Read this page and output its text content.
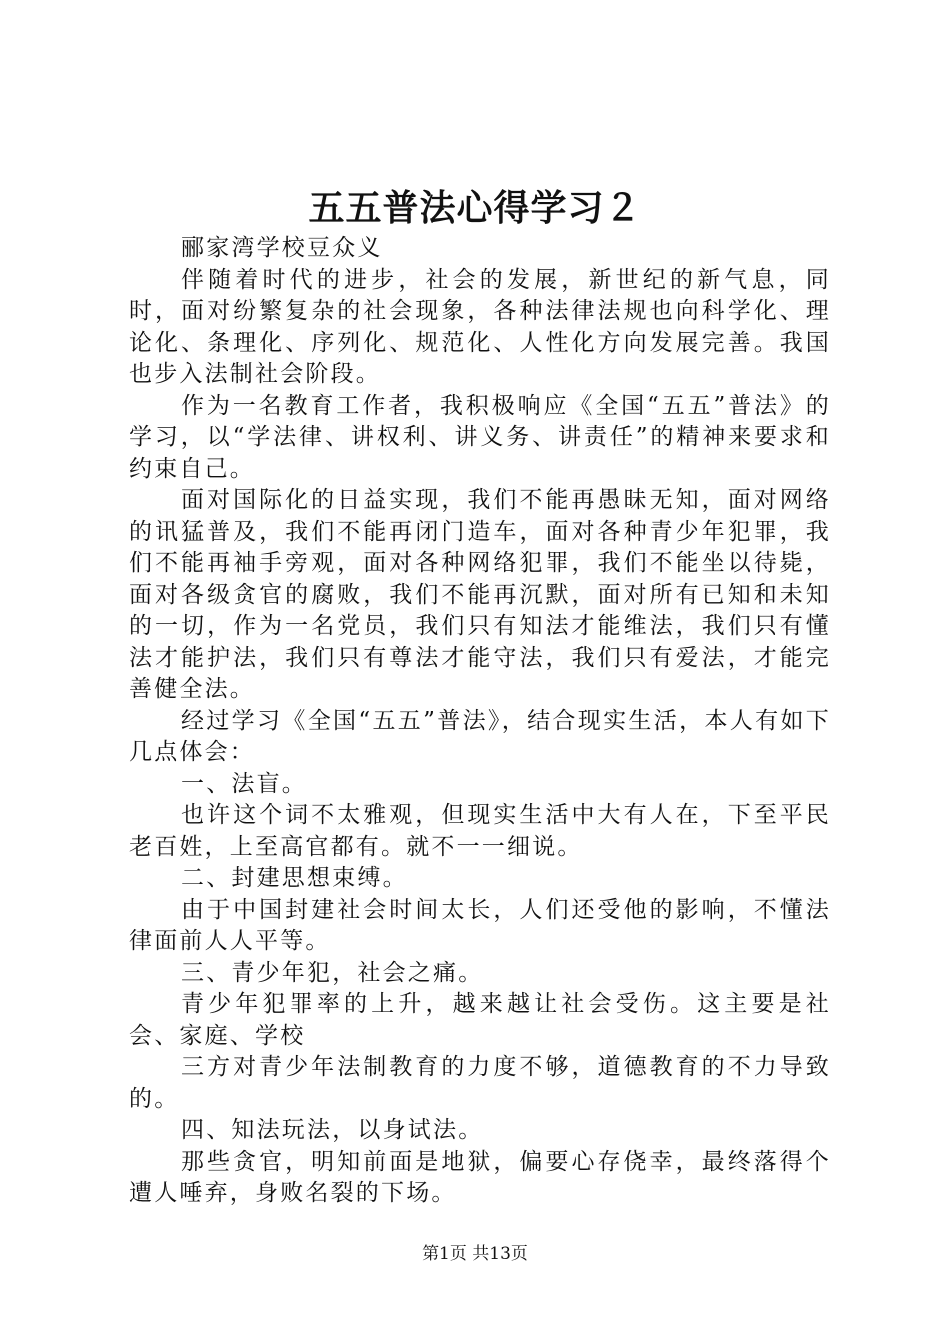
五五普法心得学习２

郦家湾学校豆众义

伴随着时代的进步，社会的发展，新世纪的新气息，同时，面对纷繁复杂的社会现象，各种法律法规也向科学化、理论化、条理化、序列化、规范化、人性化方向发展完善。我国也步入法制社会阶段。

作为一名教育工作者，我积极响应《全国“五五”普法》的学习，以“学法律、讲权利、讲义务、讲责任”的精神来要求和约束自己。

面对国际化的日益实现，我们不能再愚昧无知，面对网络的讯猛普及，我们不能再闭门造车，面对各种青少年犯罪，我们不能再袖手旁观，面对各种网络犯罪，我们不能坐以待毙，面对各级贪官的腐败，我们不能再沉默，面对所有已知和未知的一切，作为一名党员，我们只有知法才能维法，我们只有懂法才能护法，我们只有尊法才能守法，我们只有爱法，才能完善健全法。

经过学习《全国“五五”普法》，结合现实生活，本人有如下几点体会：

一、法盲。

也许这个词不太雅观，但现实生活中大有人在，下至平民老百姓，上至高官都有。就不一一细说。

二、封建思想束缚。

由于中国封建社会时间太长，人们还受他的影响，不懂法律面前人人平等。

三、青少年犯，社会之痛。

青少年犯罪率的上升，越来越让社会受伤。这主要是社会、家庭、学校

三方对青少年法制教育的力度不够，道德教育的不力导致的。

四、知法玩法，以身试法。

那些贪官，明知前面是地狱，偏要心存侥幸，最终落得个遭人唾弃，身败名裂的下场。

第1页 共13页
